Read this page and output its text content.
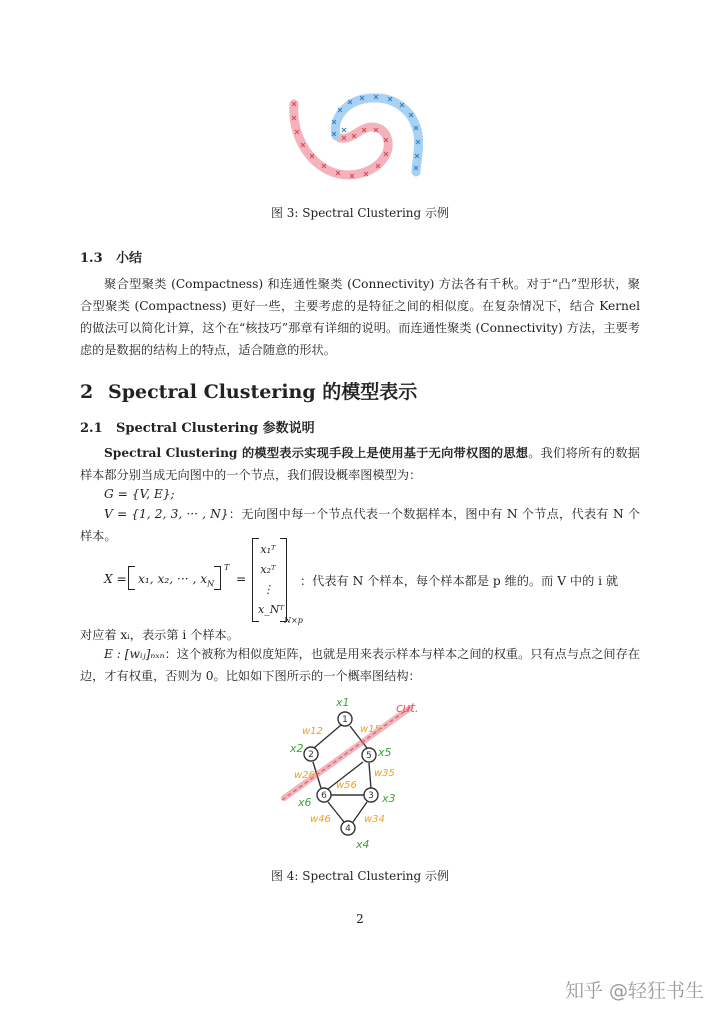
图 3: Spectral Clustering 示例
1.3 小结
聚合型聚类 (Compactness) 和连通性聚类 (Connectivity) 方法各有千秋。对于“凸”型形状，聚合型聚类 (Compactness) 更好一些，主要考虑的是特征之间的相似度。在复杂情况下，结合 Kernel 的做法可以简化计算，这个在“核技巧”那章有详细的说明。而连通性聚类 (Connectivity) 方法，主要考虑的是数据的结构上的特点，适合随意的形状。
2 Spectral Clustering 的模型表示
2.1 Spectral Clustering 参数说明
Spectral Clustering 的模型表示实现手段上是使用基于无向带权图的思想。我们将所有的数据样本都分别当成无向图中的一个节点，我们假设概率图模型为：
G = {V, E};
V = {1, 2, 3, ··· , N}：无向图中每一个节点代表一个数据样本，图中有 N 个节点，代表有 N 个样本。
X = x₁, x₂, ··· , $x_N$
T
=
x₁ᵀ
x₂ᵀ
⋮
x_Nᵀ
N×p
：代表有 N 个样本，每个样本都是 p 维的。而 V 中的 i 就
对应着 xᵢ，表示第 i 个样本。
E : [wᵢⱼ]ₙₓₙ：这个被称为相似度矩阵，也就是用来表示样本与样本之间的权重。只有点与点之间存在边，才有权重，否则为 0。比如如下图所示的一个概率图结构：
cut.
1
2	5
6	3
4
x1
x2	x5
x6	x3
x4
w12	w15
w26
w56
w35
w34
w46
图 4: Spectral Clustering 示例
2
知乎 @轻狂书生
